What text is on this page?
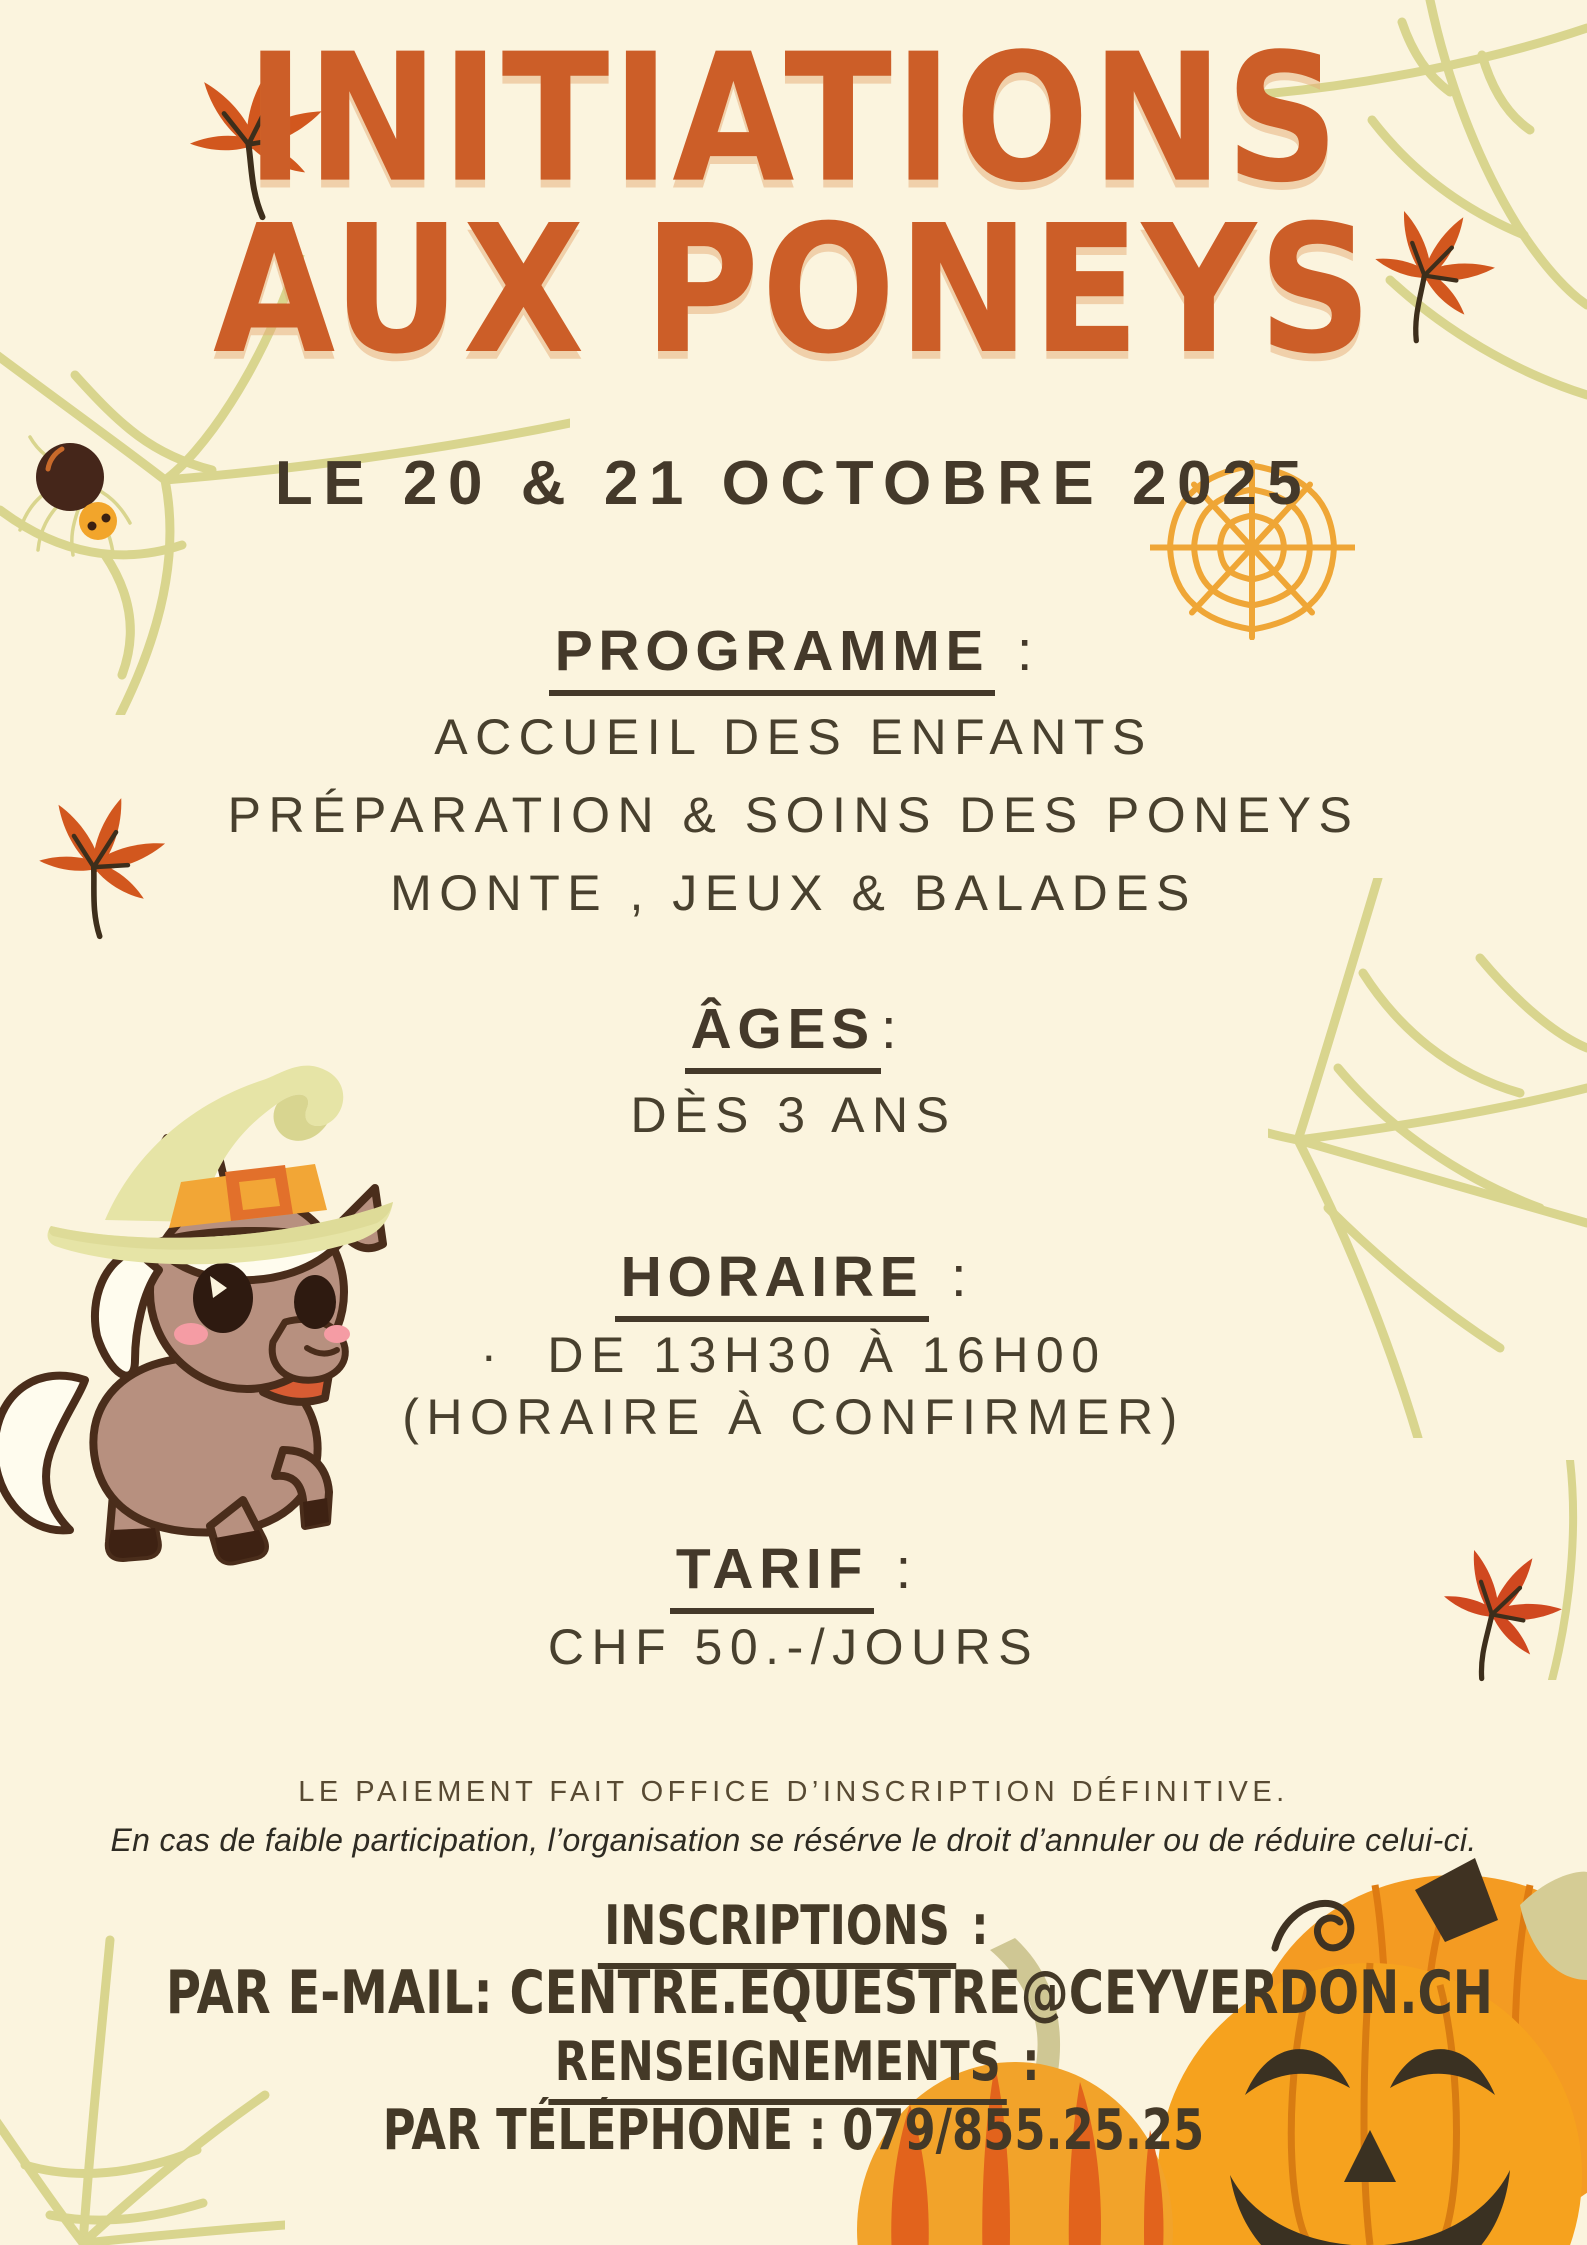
INITIATIONS
AUX PONEYS
LE 20 & 21 OCTOBRE 2025
PROGRAMME :
ACCUEIL DES ENFANTS
PRÉPARATION & SOINS DES PONEYS
MONTE , JEUX & BALADES
ÂGES :
DÈS 3 ANS
HORAIRE :
·  DE 13H30 À 16H00
(HORAIRE À CONFIRMER)
TARIF :
CHF 50.-/JOURS
LE PAIEMENT FAIT OFFICE D’INSCRIPTION DÉFINITIVE.
En cas de faible participation, l’organisation se résérve le droit d’annuler ou de réduire celui-ci.
INSCRIPTIONS :
PAR E-MAIL: CENTRE.EQUESTRE@CEYVERDON.CH
RENSEIGNEMENTS :
PAR TÉLÉPHONE : 079/855.25.25
